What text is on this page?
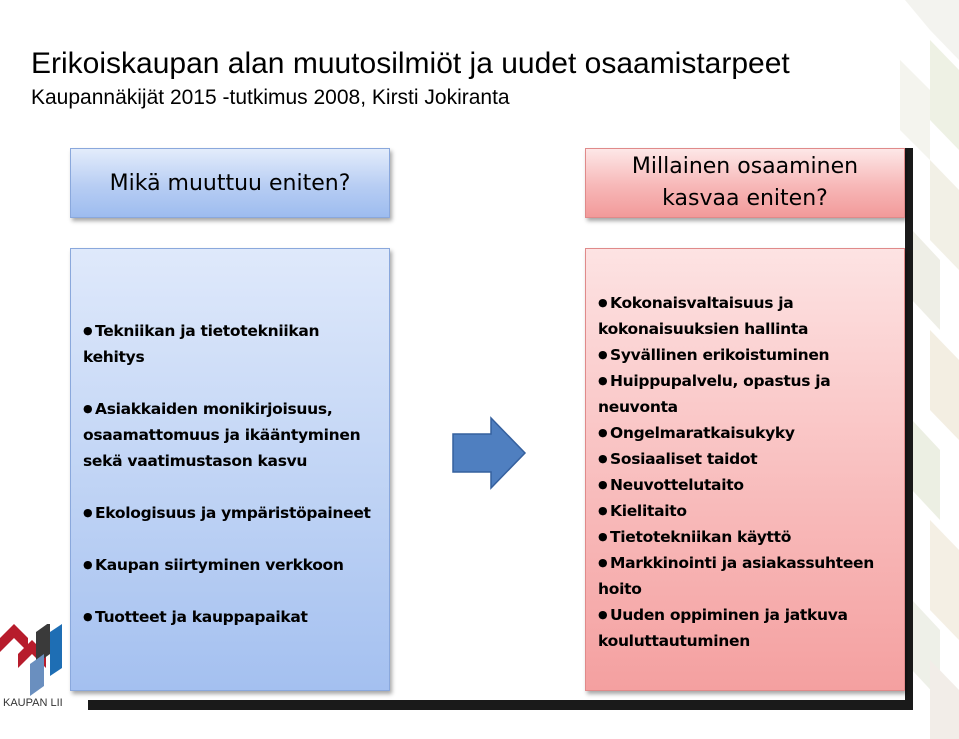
Erikoiskaupan alan muutosilmiöt ja uudet osaamistarpeet
Kaupannäkijät 2015 -tutkimus 2008, Kirsti Jokiranta
Mikä muuttuu eniten?
Millainen osaaminen
kasvaa eniten?
● Tekniikan ja tietotekniikan
kehitys
● Asiakkaiden monikirjoisuus,
osaamattomuus ja ikääntyminen
sekä vaatimustason kasvu
● Ekologisuus ja ympäristöpaineet
● Kaupan siirtyminen verkkoon
● Tuotteet ja kauppapaikat
● Kokonaisvaltaisuus ja
kokonaisuuksien hallinta
● Syvällinen erikoistuminen
● Huippupalvelu, opastus ja
neuvonta
● Ongelmaratkaisukyky
● Sosiaaliset taidot
● Neuvottelutaito
● Kielitaito
● Tietotekniikan käyttö
● Markkinointi ja asiakassuhteen
hoito
● Uuden oppiminen ja jatkuva
kouluttautuminen
KAUPAN LII
